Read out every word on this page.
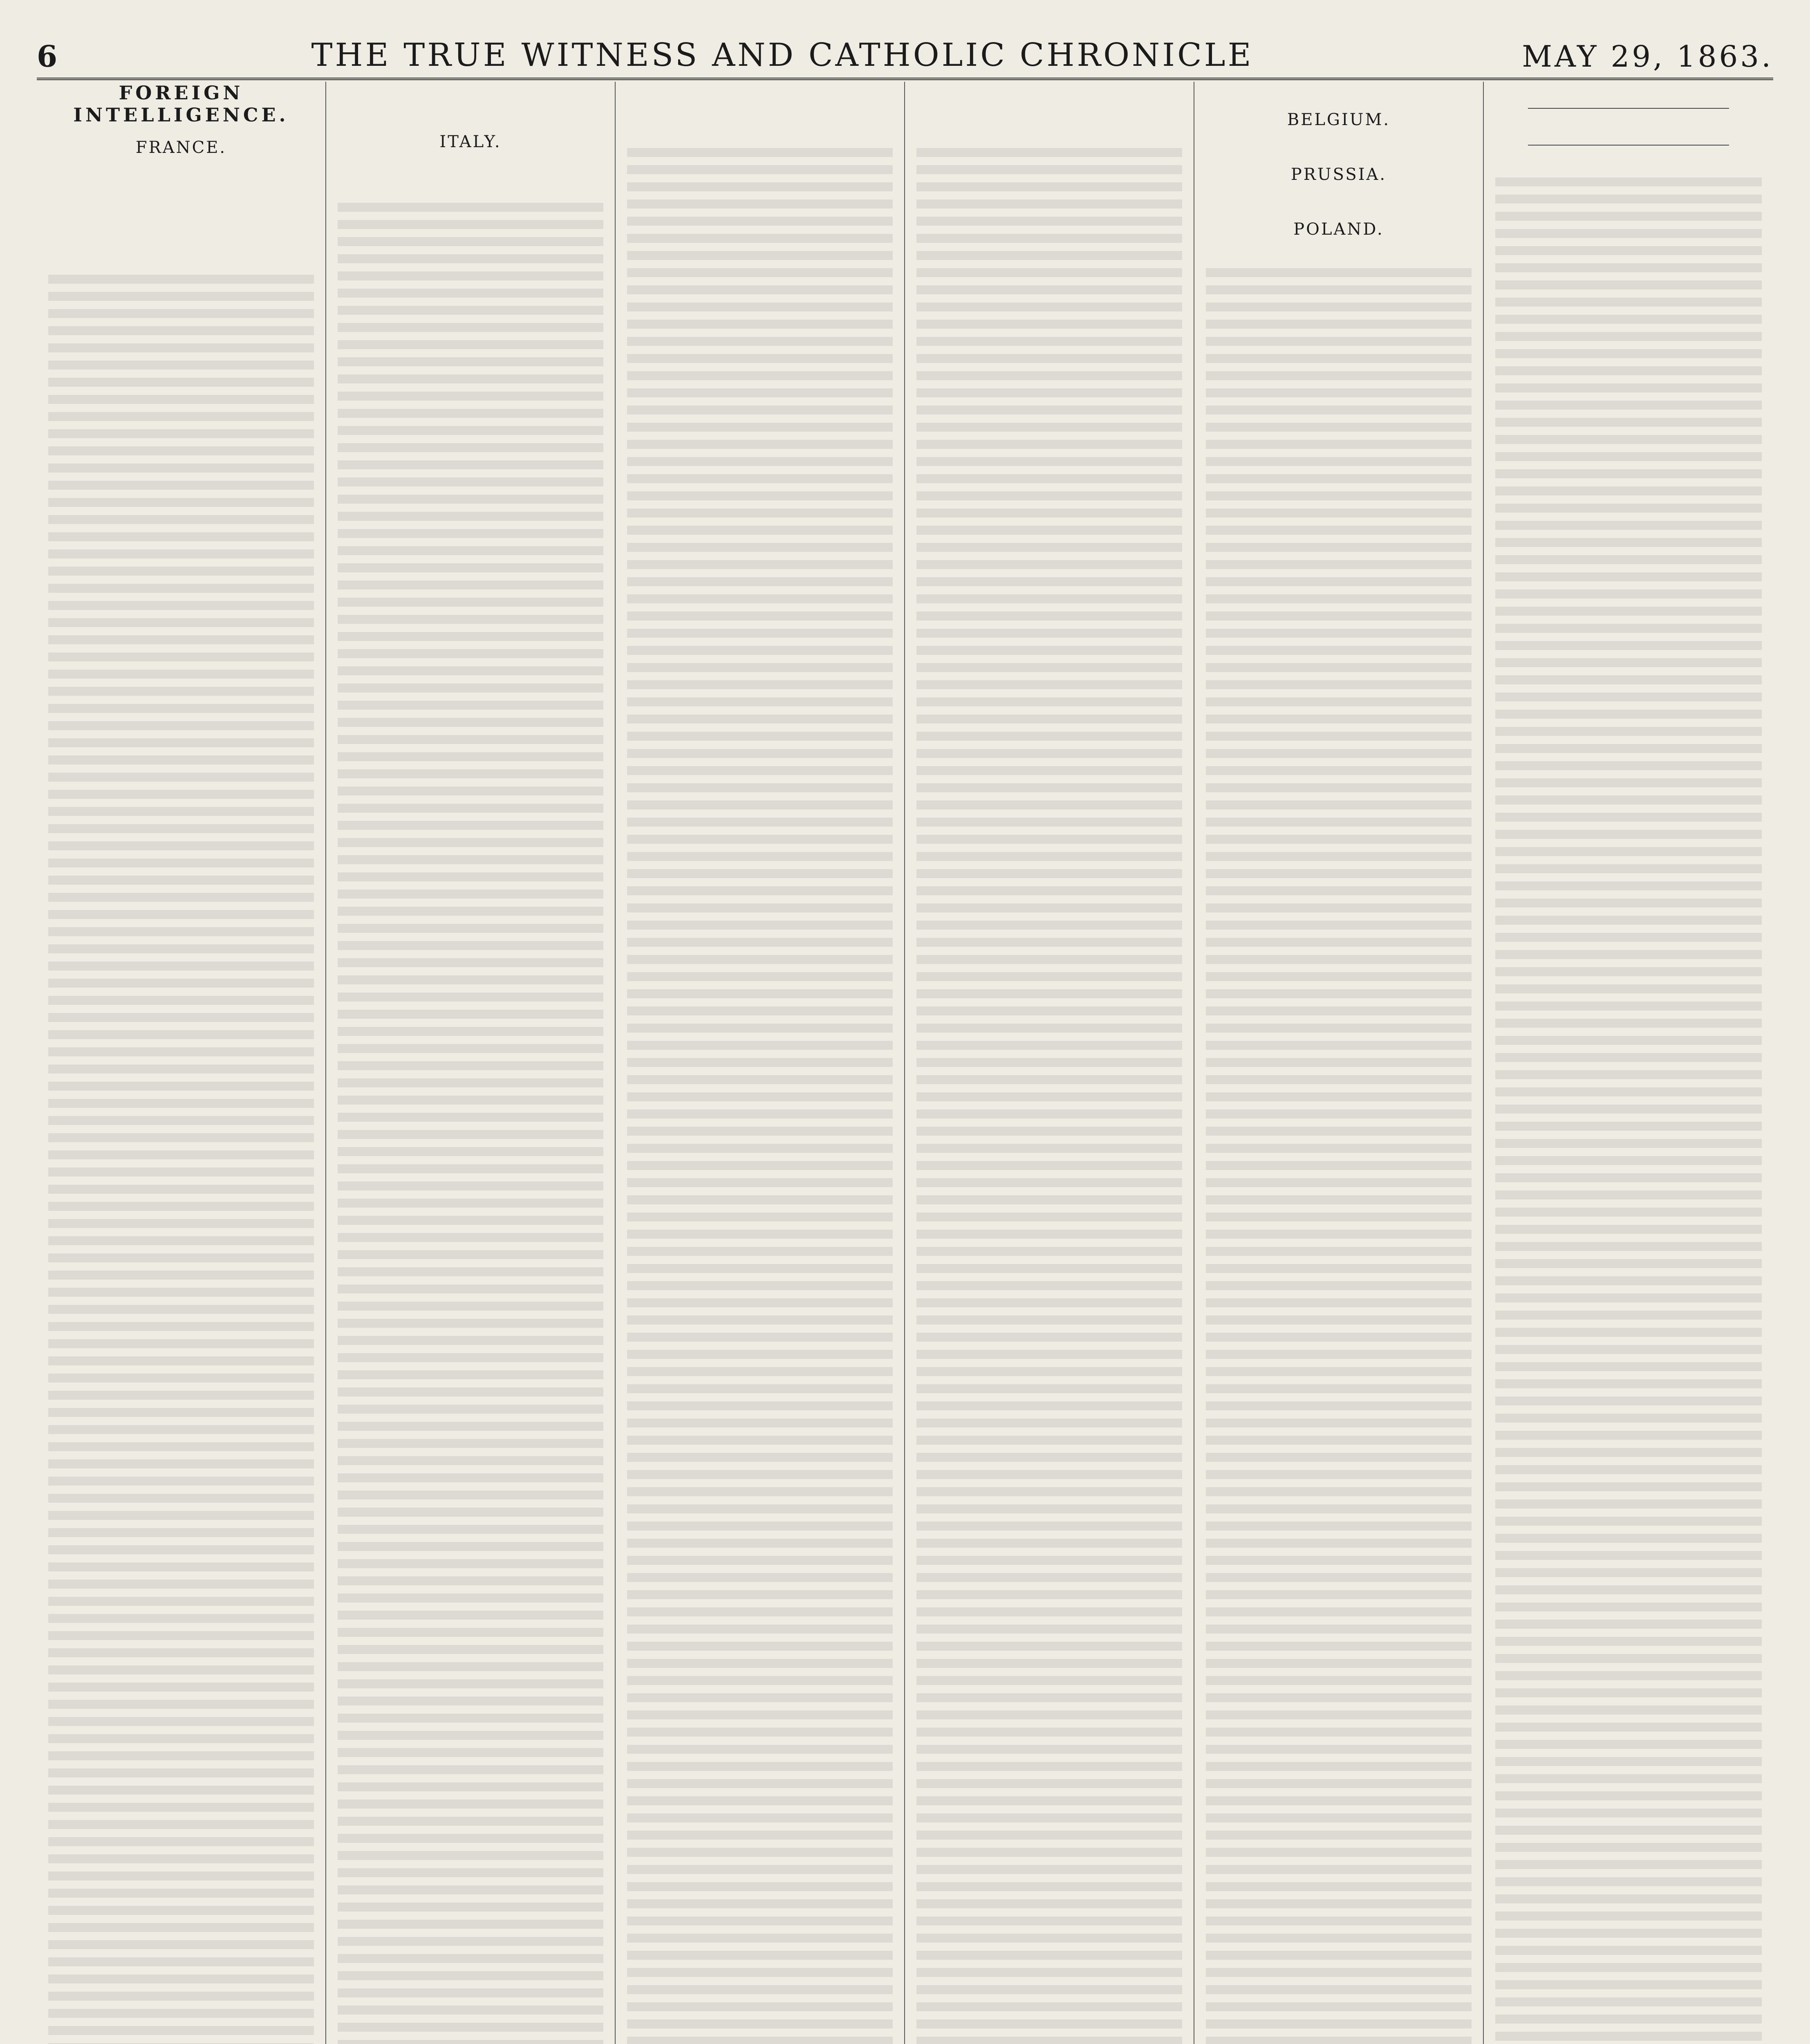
6	THE TRUE WITNESS AND CATHOLIC CHRONICLE	MAY 29, 1863.
FOREIGN INTELLIGENCE.
FRANCE.	ITALY.

BELGIUM.

PRUSSIA.

POLAND.
